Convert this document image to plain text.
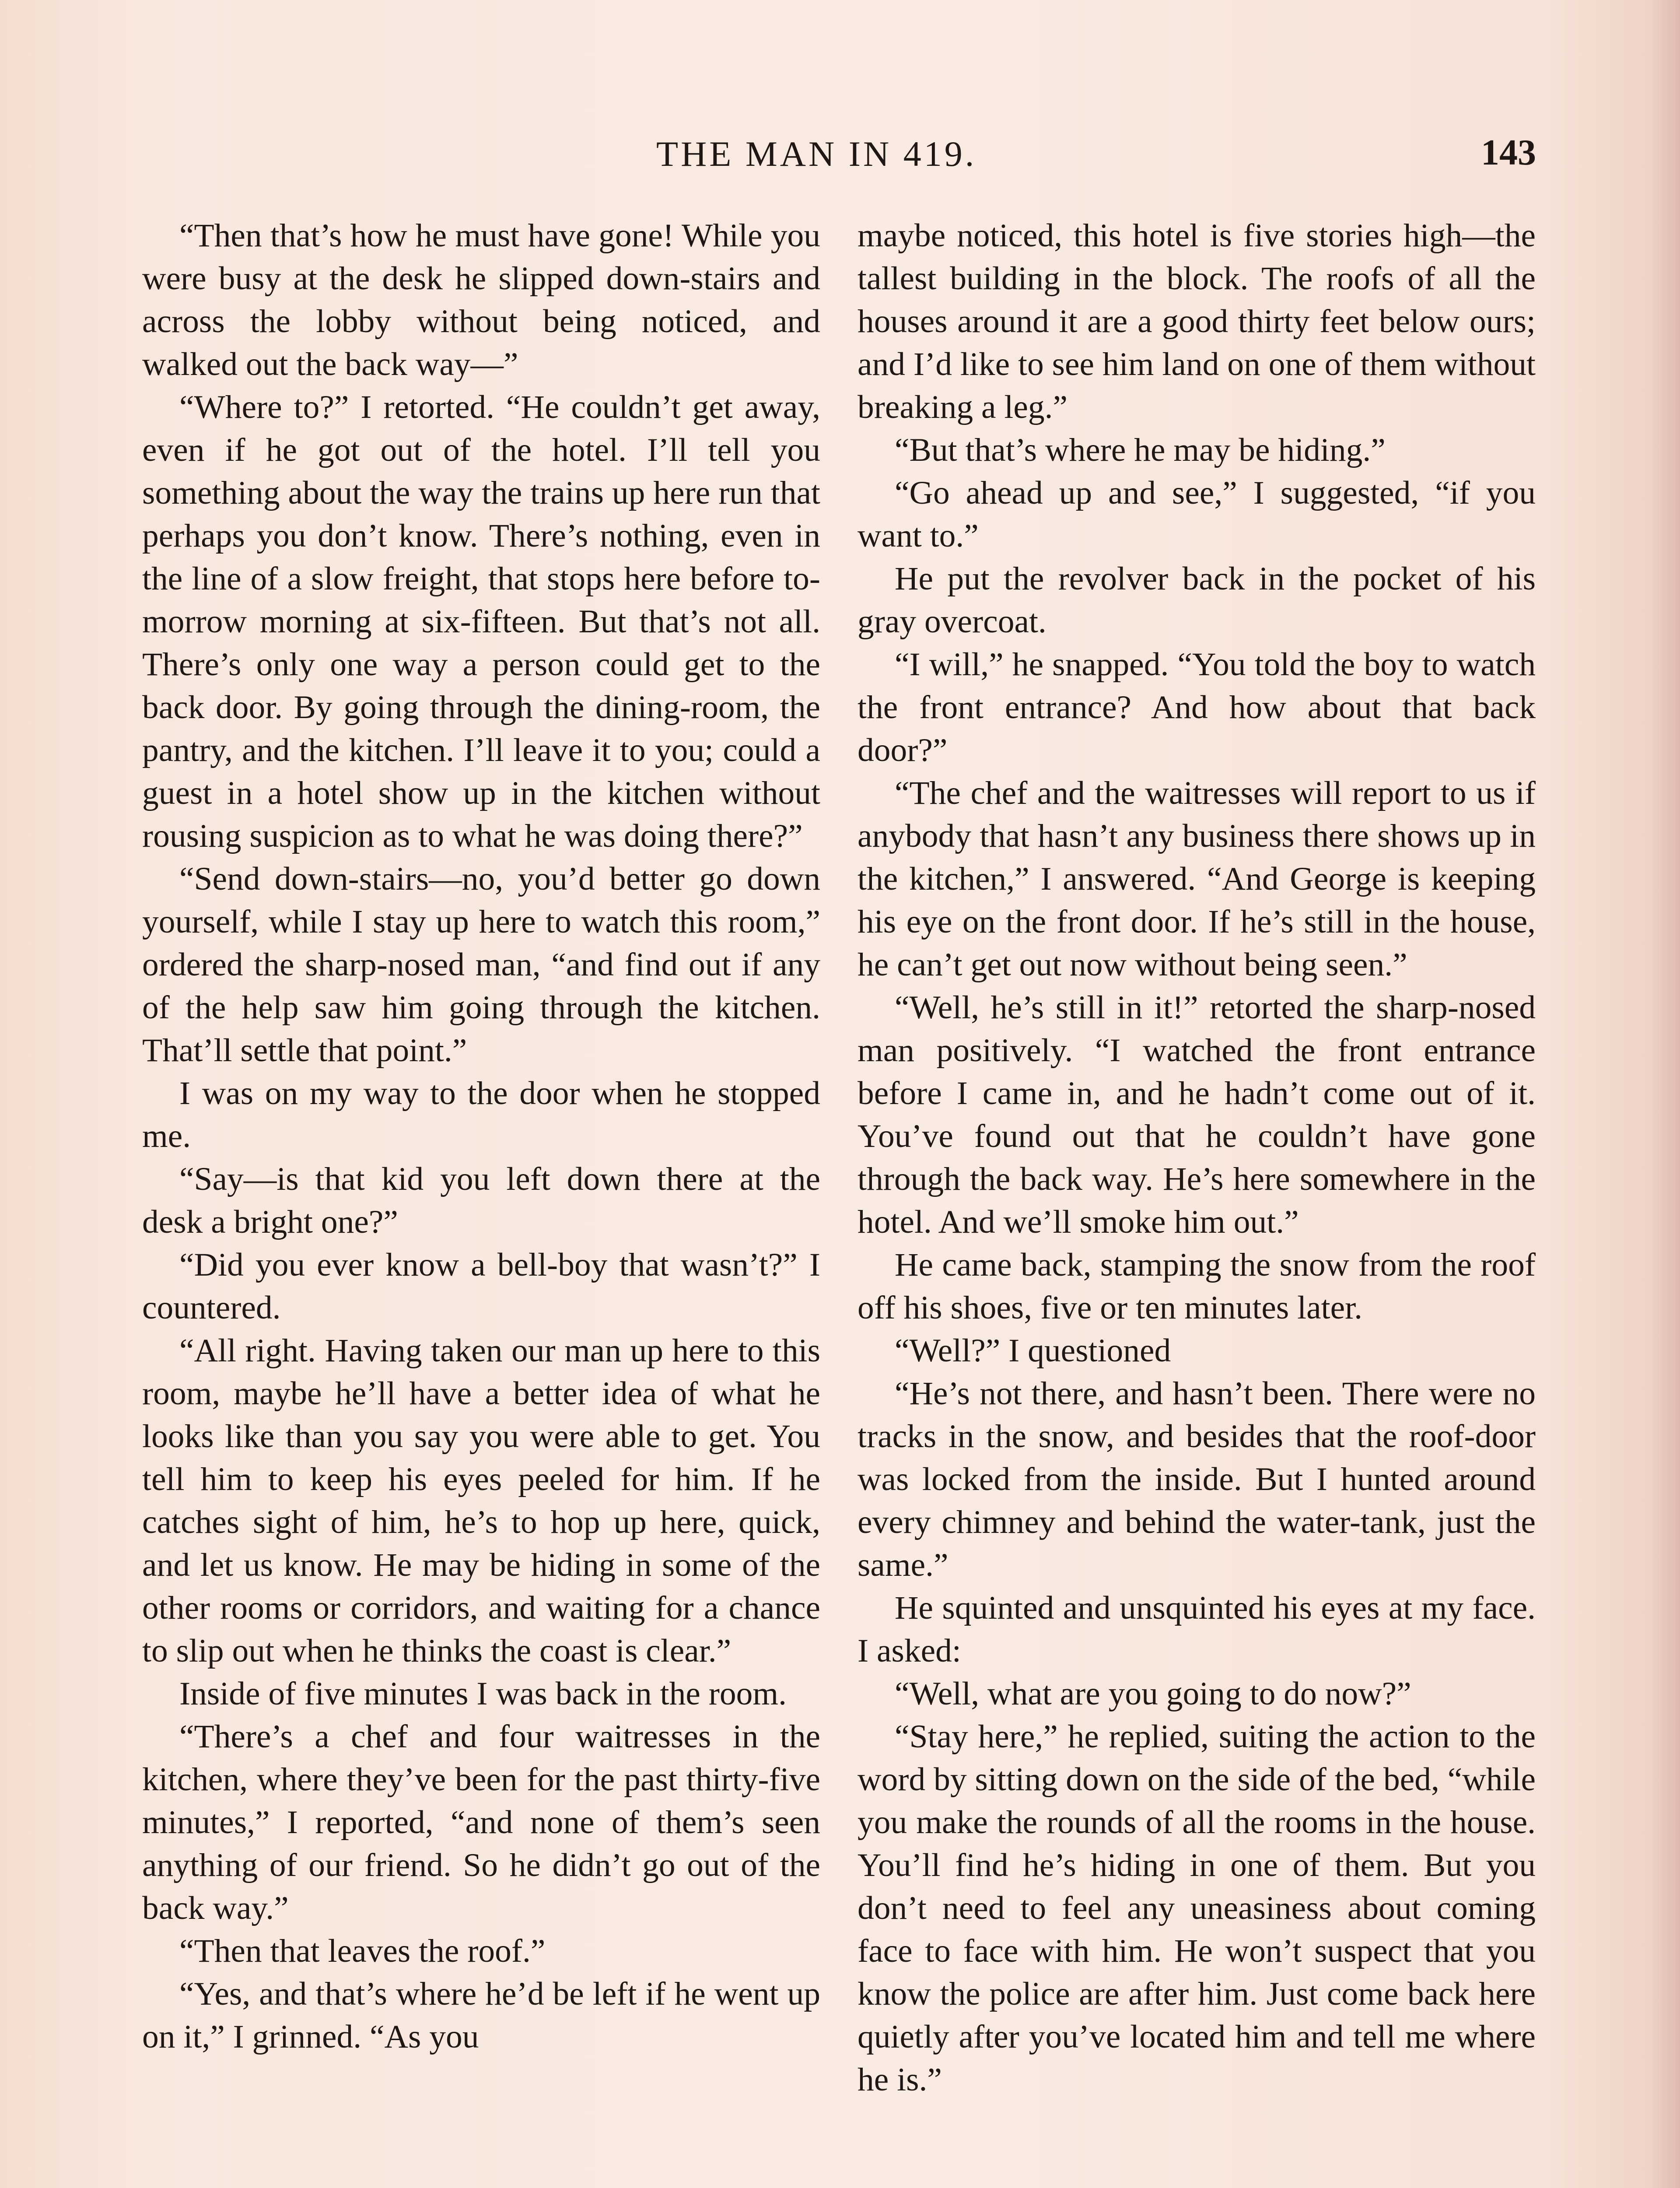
THE MAN IN 419.	143

“Then that’s how he must have gone! While you were busy at the desk he slipped down-stairs and across the lobby without being noticed, and walked out the back way—”

“Where to?” I retorted. “He couldn’t get away, even if he got out of the hotel. I’ll tell you something about the way the trains up here run that perhaps you don’t know. There’s nothing, even in the line of a slow freight, that stops here before tomorrow morning at six-fifteen. But that’s not all. There’s only one way a person could get to the back door. By going through the dining-room, the pantry, and the kitchen. I’ll leave it to you; could a guest in a hotel show up in the kitchen without rousing suspicion as to what he was doing there?”

“Send down-stairs—no, you’d better go down yourself, while I stay up here to watch this room,” ordered the sharp-nosed man, “and find out if any of the help saw him going through the kitchen. That’ll settle that point.”

I was on my way to the door when he stopped me.

“Say—is that kid you left down there at the desk a bright one?”

“Did you ever know a bell-boy that wasn’t?” I countered.

“All right. Having taken our man up here to this room, maybe he’ll have a better idea of what he looks like than you say you were able to get. You tell him to keep his eyes peeled for him. If he catches sight of him, he’s to hop up here, quick, and let us know. He may be hiding in some of the other rooms or corridors, and waiting for a chance to slip out when he thinks the coast is clear.”

Inside of five minutes I was back in the room.

“There’s a chef and four waitresses in the kitchen, where they’ve been for the past thirty-five minutes,” I reported, “and none of them’s seen anything of our friend. So he didn’t go out of the back way.”

“Then that leaves the roof.”

“Yes, and that’s where he’d be left if he went up on it,” I grinned. “As you

maybe noticed, this hotel is five stories high—the tallest building in the block. The roofs of all the houses around it are a good thirty feet below ours; and I’d like to see him land on one of them without breaking a leg.”

“But that’s where he may be hiding.”

“Go ahead up and see,” I suggested, “if you want to.”

He put the revolver back in the pocket of his gray overcoat.

“I will,” he snapped. “You told the boy to watch the front entrance? And how about that back door?”

“The chef and the waitresses will report to us if anybody that hasn’t any business there shows up in the kitchen,” I answered. “And George is keeping his eye on the front door. If he’s still in the house, he can’t get out now without being seen.”

“Well, he’s still in it!” retorted the sharp-nosed man positively. “I watched the front entrance before I came in, and he hadn’t come out of it. You’ve found out that he couldn’t have gone through the back way. He’s here somewhere in the hotel. And we’ll smoke him out.”

He came back, stamping the snow from the roof off his shoes, five or ten minutes later.

“Well?” I questioned

“He’s not there, and hasn’t been. There were no tracks in the snow, and besides that the roof-door was locked from the inside. But I hunted around every chimney and behind the water-tank, just the same.”

He squinted and unsquinted his eyes at my face. I asked:

“Well, what are you going to do now?”

“Stay here,” he replied, suiting the action to the word by sitting down on the side of the bed, “while you make the rounds of all the rooms in the house. You’ll find he’s hiding in one of them. But you don’t need to feel any uneasiness about coming face to face with him. He won’t suspect that you know the police are after him. Just come back here quietly after you’ve located him and tell me where he is.”
